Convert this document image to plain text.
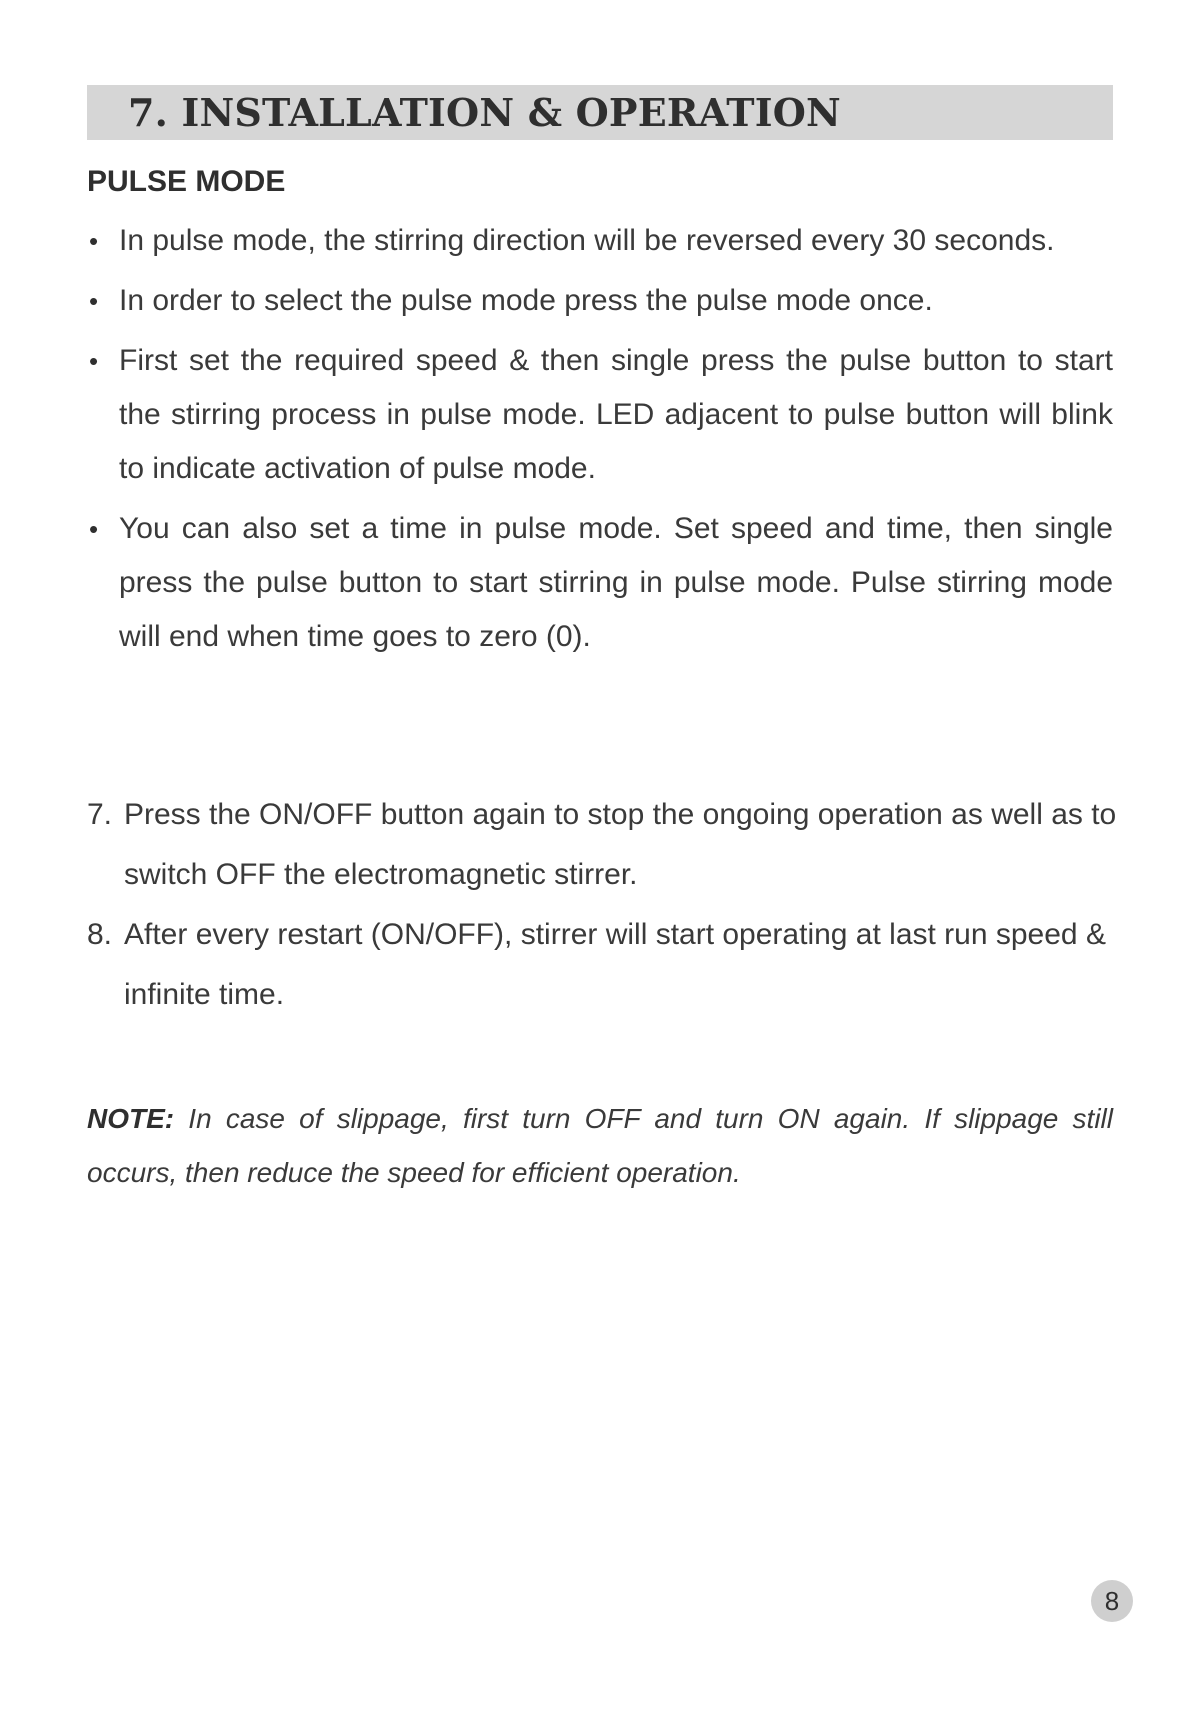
7. INSTALLATION & OPERATION
PULSE MODE
• In pulse mode, the stirring direction will be reversed every 30 seconds.
• In order to select the pulse mode press the pulse mode once.
• First set the required speed & then single press the pulse button to start the stirring process in pulse mode. LED adjacent to pulse button will blink to indicate activation of pulse mode.
• You can also set a time in pulse mode. Set speed and time, then single press the pulse button to start stirring in pulse mode. Pulse stirring mode will end when time goes to zero (0).
7. Press the ON/OFF button again to stop the ongoing operation as well as to switch OFF the electromagnetic stirrer.
8. After every restart (ON/OFF), stirrer will start operating at last run speed & infinite time.

NOTE: In case of slippage, first turn OFF and turn ON again. If slippage still occurs, then reduce the speed for efficient operation.

8
